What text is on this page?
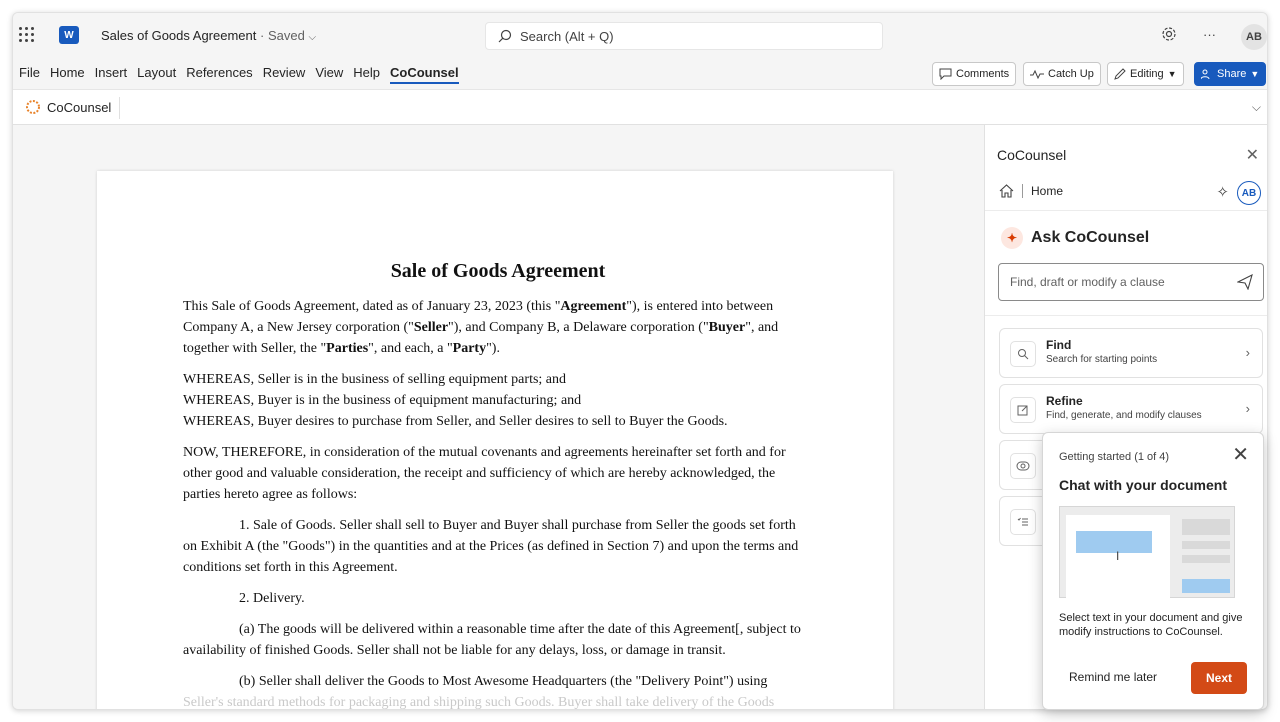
W	Sales of Goods Agreement · Saved ⌵	Search (Alt + Q)	···	AB
File Home Insert Layout References Review View Help CoCounsel	Comments	Catch Up	Editing ▼	Share ▼
CoCounsel	⌵
Sale of Goods Agreement

This Sale of Goods Agreement, dated as of January 23, 2023 (this "Agreement"), is entered into between Company A, a New Jersey corporation ("Seller"), and Company B, a Delaware corporation ("Buyer", and together with Seller, the "Parties", and each, a "Party").

WHEREAS, Seller is in the business of selling equipment parts; and

WHEREAS, Buyer is in the business of equipment manufacturing; and

WHEREAS, Buyer desires to purchase from Seller, and Seller desires to sell to Buyer the Goods.

NOW, THEREFORE, in consideration of the mutual covenants and agreements hereinafter set forth and for other good and valuable consideration, the receipt and sufficiency of which are hereby acknowledged, the parties hereto agree as follows:

1. Sale of Goods. Seller shall sell to Buyer and Buyer shall purchase from Seller the goods set forth on Exhibit A (the "Goods") in the quantities and at the Prices (as defined in Section 7) and upon the terms and conditions set forth in this Agreement.

2. Delivery.

(a) The goods will be delivered within a reasonable time after the date of this Agreement[, subject to availability of finished Goods. Seller shall not be liable for any delays, loss, or damage in transit.

(b) Seller shall deliver the Goods to Most Awesome Headquarters (the "Delivery Point") using

Seller's standard methods for packaging and shipping such Goods. Buyer shall take delivery of the Goods

CoCounsel	✕
Home	✧	AB
✦ Ask CoCounsel
Find, draft or modify a clause
Find
Search for starting points	›
Refine
Find, generate, and modify clauses	›
Getting started (1 of 4)	✕
Chat with your document
I
Select text in your document and give modify instructions to CoCounsel.
Remind me later	Next
